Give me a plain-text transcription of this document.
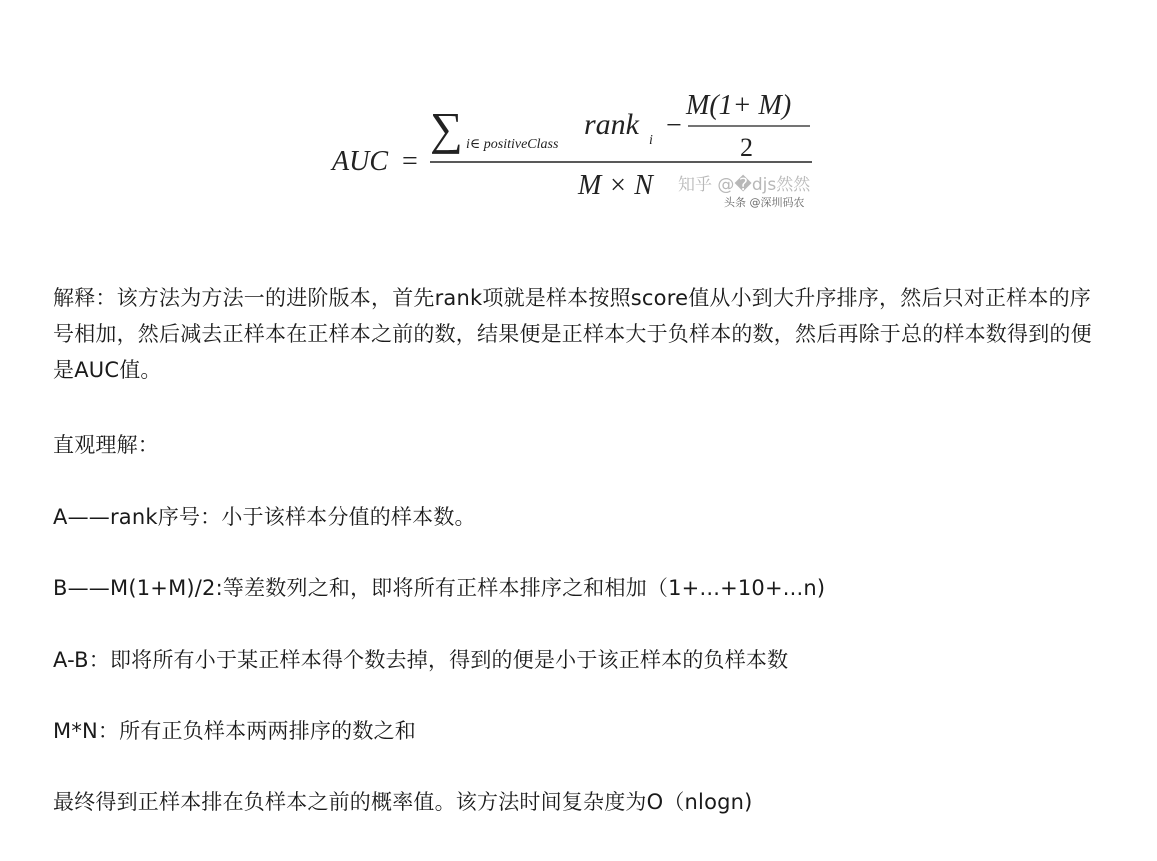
AUC =
∑ i∈ positiveClass
rank i −
M(1+ M)
2
M × N 知乎 @�djs然然
头条 @深圳码农

解释：该方法为方法一的进阶版本，首先rank项就是样本按照score值从小到大升序排序，然后只对正样本的序号相加，然后减去正样本在正样本之前的数，结果便是正样本大于负样本的数，然后再除于总的样本数得到的便是AUC值。

直观理解：

A——rank序号：小于该样本分值的样本数。

B——M(1+M)/2:等差数列之和，即将所有正样本排序之和相加（1+...+10+...n)

A-B：即将所有小于某正样本得个数去掉，得到的便是小于该正样本的负样本数

M*N：所有正负样本两两排序的数之和

最终得到正样本排在负样本之前的概率值。该方法时间复杂度为O（nlogn)
